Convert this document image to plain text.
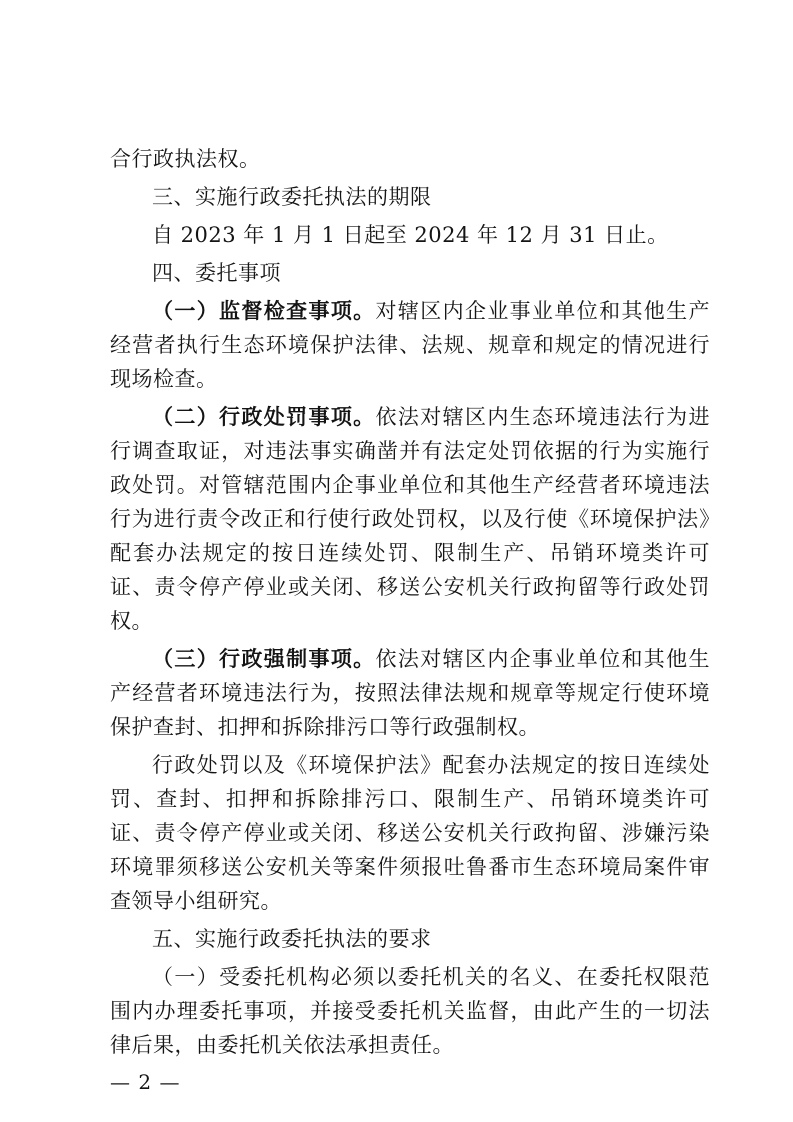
合行政执法权。

三、实施行政委托执法的期限

自 2023 年 1 月 1 日起至 2024 年 12 月 31 日止。

四、委托事项

（一）监督检查事项。对辖区内企业事业单位和其他生产经营者执行生态环境保护法律、法规、规章和规定的情况进行现场检查。

（二）行政处罚事项。依法对辖区内生态环境违法行为进行调查取证，对违法事实确凿并有法定处罚依据的行为实施行政处罚。对管辖范围内企事业单位和其他生产经营者环境违法行为进行责令改正和行使行政处罚权，以及行使《环境保护法》配套办法规定的按日连续处罚、限制生产、吊销环境类许可证、责令停产停业或关闭、移送公安机关行政拘留等行政处罚权。

（三）行政强制事项。依法对辖区内企事业单位和其他生产经营者环境违法行为，按照法律法规和规章等规定行使环境保护查封、扣押和拆除排污口等行政强制权。

行政处罚以及《环境保护法》配套办法规定的按日连续处罚、查封、扣押和拆除排污口、限制生产、吊销环境类许可证、责令停产停业或关闭、移送公安机关行政拘留、涉嫌污染环境罪须移送公安机关等案件须报吐鲁番市生态环境局案件审查领导小组研究。

五、实施行政委托执法的要求

（一）受委托机构必须以委托机关的名义、在委托权限范围内办理委托事项，并接受委托机关监督，由此产生的一切法律后果，由委托机关依法承担责任。

— 2 —
